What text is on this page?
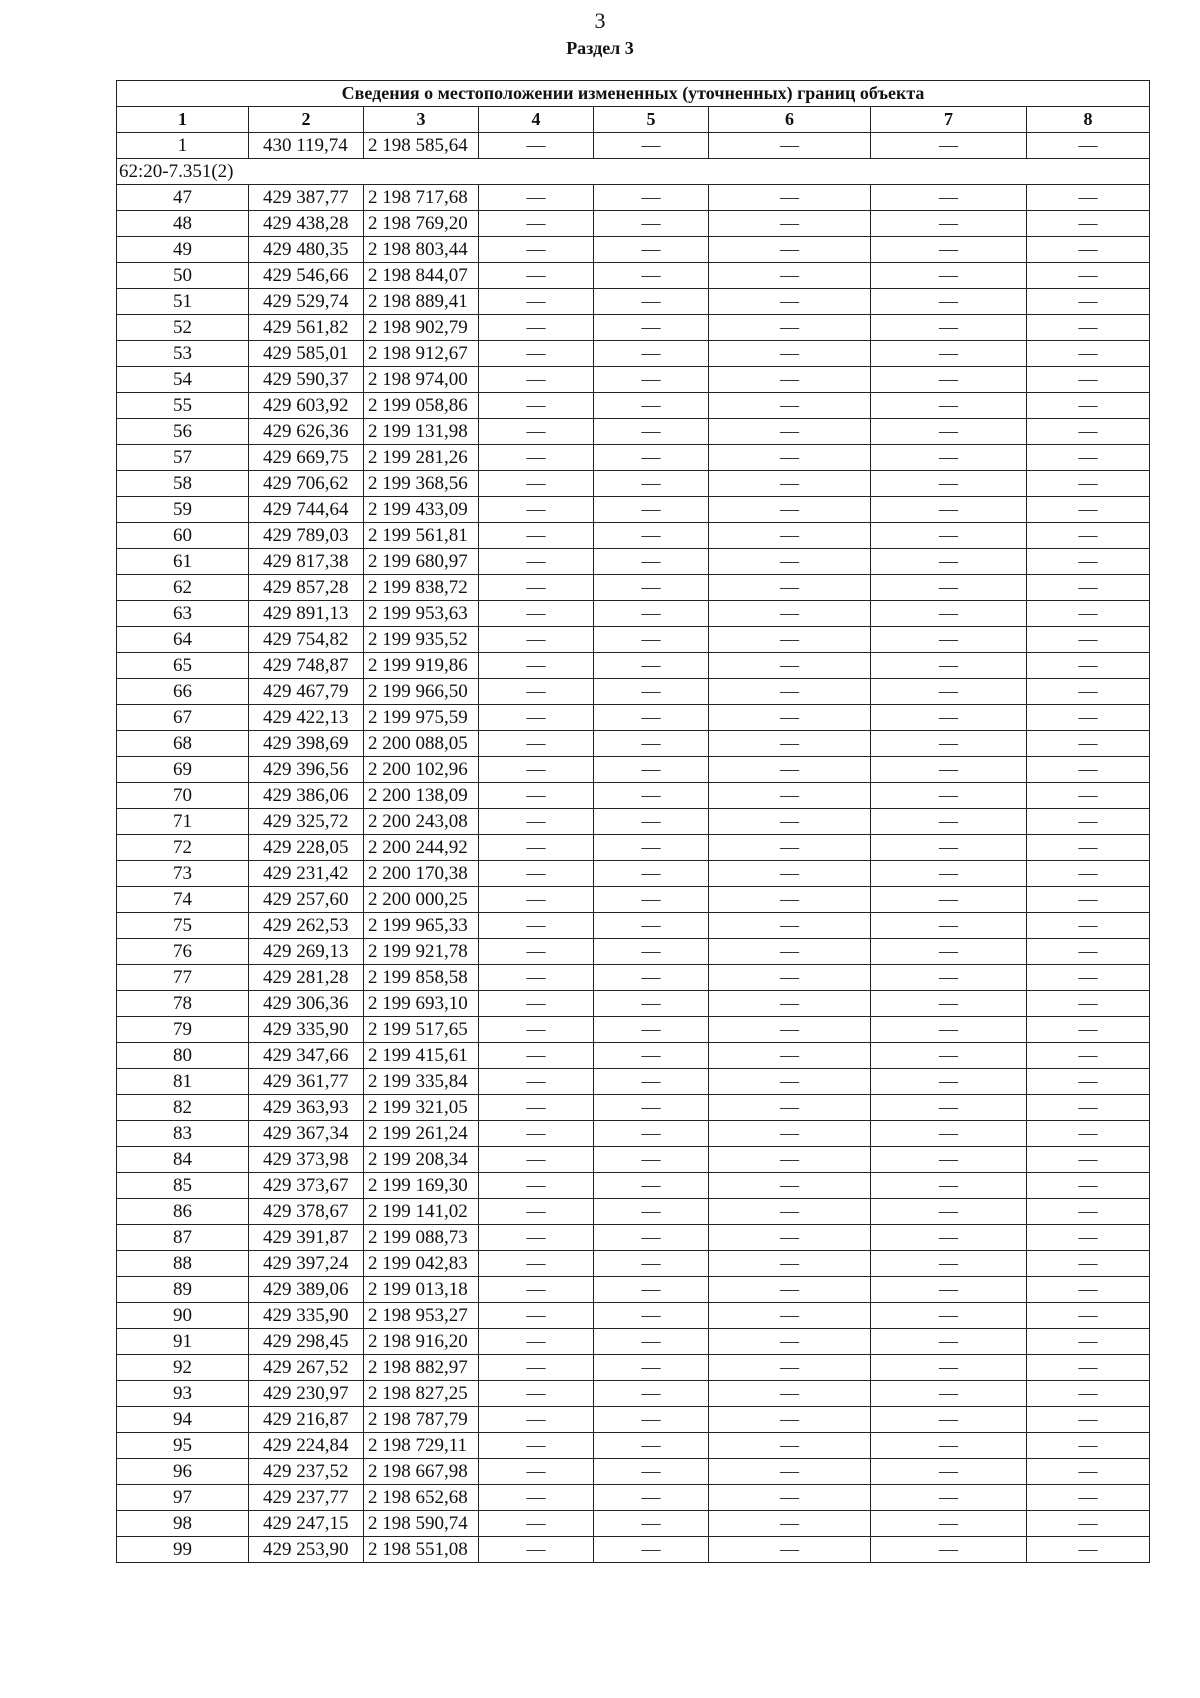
3
Раздел 3
Сведения о местоположении измененных (уточненных) границ объекта							
1	2	3	4	5	6	7	8
1	430 119,74	2 198 585,64	—	—	—	—	—
62:20-7.351(2)							
47	429 387,77	2 198 717,68	—	—	—	—	—
48	429 438,28	2 198 769,20	—	—	—	—	—
49	429 480,35	2 198 803,44	—	—	—	—	—
50	429 546,66	2 198 844,07	—	—	—	—	—
51	429 529,74	2 198 889,41	—	—	—	—	—
52	429 561,82	2 198 902,79	—	—	—	—	—
53	429 585,01	2 198 912,67	—	—	—	—	—
54	429 590,37	2 198 974,00	—	—	—	—	—
55	429 603,92	2 199 058,86	—	—	—	—	—
56	429 626,36	2 199 131,98	—	—	—	—	—
57	429 669,75	2 199 281,26	—	—	—	—	—
58	429 706,62	2 199 368,56	—	—	—	—	—
59	429 744,64	2 199 433,09	—	—	—	—	—
60	429 789,03	2 199 561,81	—	—	—	—	—
61	429 817,38	2 199 680,97	—	—	—	—	—
62	429 857,28	2 199 838,72	—	—	—	—	—
63	429 891,13	2 199 953,63	—	—	—	—	—
64	429 754,82	2 199 935,52	—	—	—	—	—
65	429 748,87	2 199 919,86	—	—	—	—	—
66	429 467,79	2 199 966,50	—	—	—	—	—
67	429 422,13	2 199 975,59	—	—	—	—	—
68	429 398,69	2 200 088,05	—	—	—	—	—
69	429 396,56	2 200 102,96	—	—	—	—	—
70	429 386,06	2 200 138,09	—	—	—	—	—
71	429 325,72	2 200 243,08	—	—	—	—	—
72	429 228,05	2 200 244,92	—	—	—	—	—
73	429 231,42	2 200 170,38	—	—	—	—	—
74	429 257,60	2 200 000,25	—	—	—	—	—
75	429 262,53	2 199 965,33	—	—	—	—	—
76	429 269,13	2 199 921,78	—	—	—	—	—
77	429 281,28	2 199 858,58	—	—	—	—	—
78	429 306,36	2 199 693,10	—	—	—	—	—
79	429 335,90	2 199 517,65	—	—	—	—	—
80	429 347,66	2 199 415,61	—	—	—	—	—
81	429 361,77	2 199 335,84	—	—	—	—	—
82	429 363,93	2 199 321,05	—	—	—	—	—
83	429 367,34	2 199 261,24	—	—	—	—	—
84	429 373,98	2 199 208,34	—	—	—	—	—
85	429 373,67	2 199 169,30	—	—	—	—	—
86	429 378,67	2 199 141,02	—	—	—	—	—
87	429 391,87	2 199 088,73	—	—	—	—	—
88	429 397,24	2 199 042,83	—	—	—	—	—
89	429 389,06	2 199 013,18	—	—	—	—	—
90	429 335,90	2 198 953,27	—	—	—	—	—
91	429 298,45	2 198 916,20	—	—	—	—	—
92	429 267,52	2 198 882,97	—	—	—	—	—
93	429 230,97	2 198 827,25	—	—	—	—	—
94	429 216,87	2 198 787,79	—	—	—	—	—
95	429 224,84	2 198 729,11	—	—	—	—	—
96	429 237,52	2 198 667,98	—	—	—	—	—
97	429 237,77	2 198 652,68	—	—	—	—	—
98	429 247,15	2 198 590,74	—	—	—	—	—
99	429 253,90	2 198 551,08	—	—	—	—	—
